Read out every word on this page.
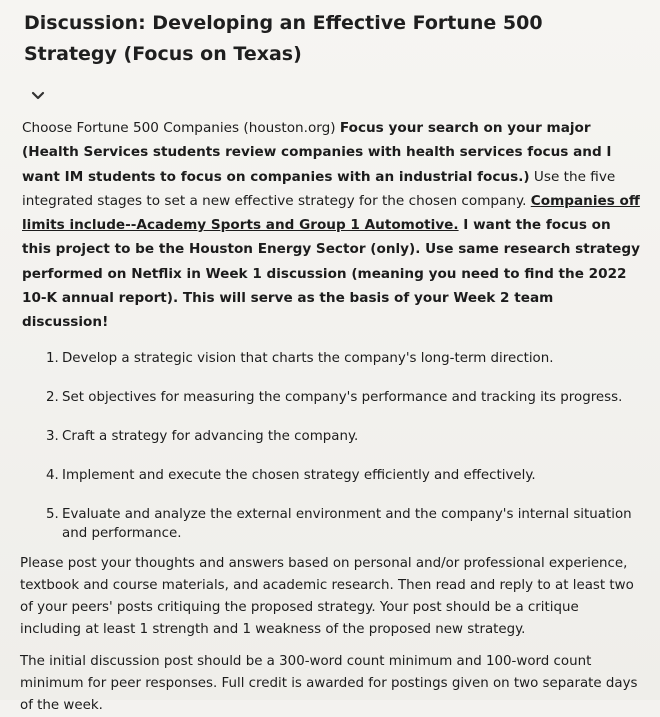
Discussion: Developing an Effective Fortune 500 Strategy (Focus on Texas)
Choose Fortune 500 Companies (houston.org) Focus your search on your major (Health Services students review companies with health services focus and I want IM students to focus on companies with an industrial focus.) Use the five integrated stages to set a new effective strategy for the chosen company. Companies off limits include--Academy Sports and Group 1 Automotive. I want the focus on this project to be the Houston Energy Sector (only). Use same research strategy performed on Netflix in Week 1 discussion (meaning you need to find the 2022 10-K annual report). This will serve as the basis of your Week 2 team discussion!
1. Develop a strategic vision that charts the company's long-term direction.
2. Set objectives for measuring the company's performance and tracking its progress.
3. Craft a strategy for advancing the company.
4. Implement and execute the chosen strategy efficiently and effectively.
5. Evaluate and analyze the external environment and the company's internal situation and performance.

Please post your thoughts and answers based on personal and/or professional experience, textbook and course materials, and academic research. Then read and reply to at least two of your peers' posts critiquing the proposed strategy. Your post should be a critique including at least 1 strength and 1 weakness of the proposed new strategy.

The initial discussion post should be a 300-word count minimum and 100-word count minimum for peer responses. Full credit is awarded for postings given on two separate days of the week.
